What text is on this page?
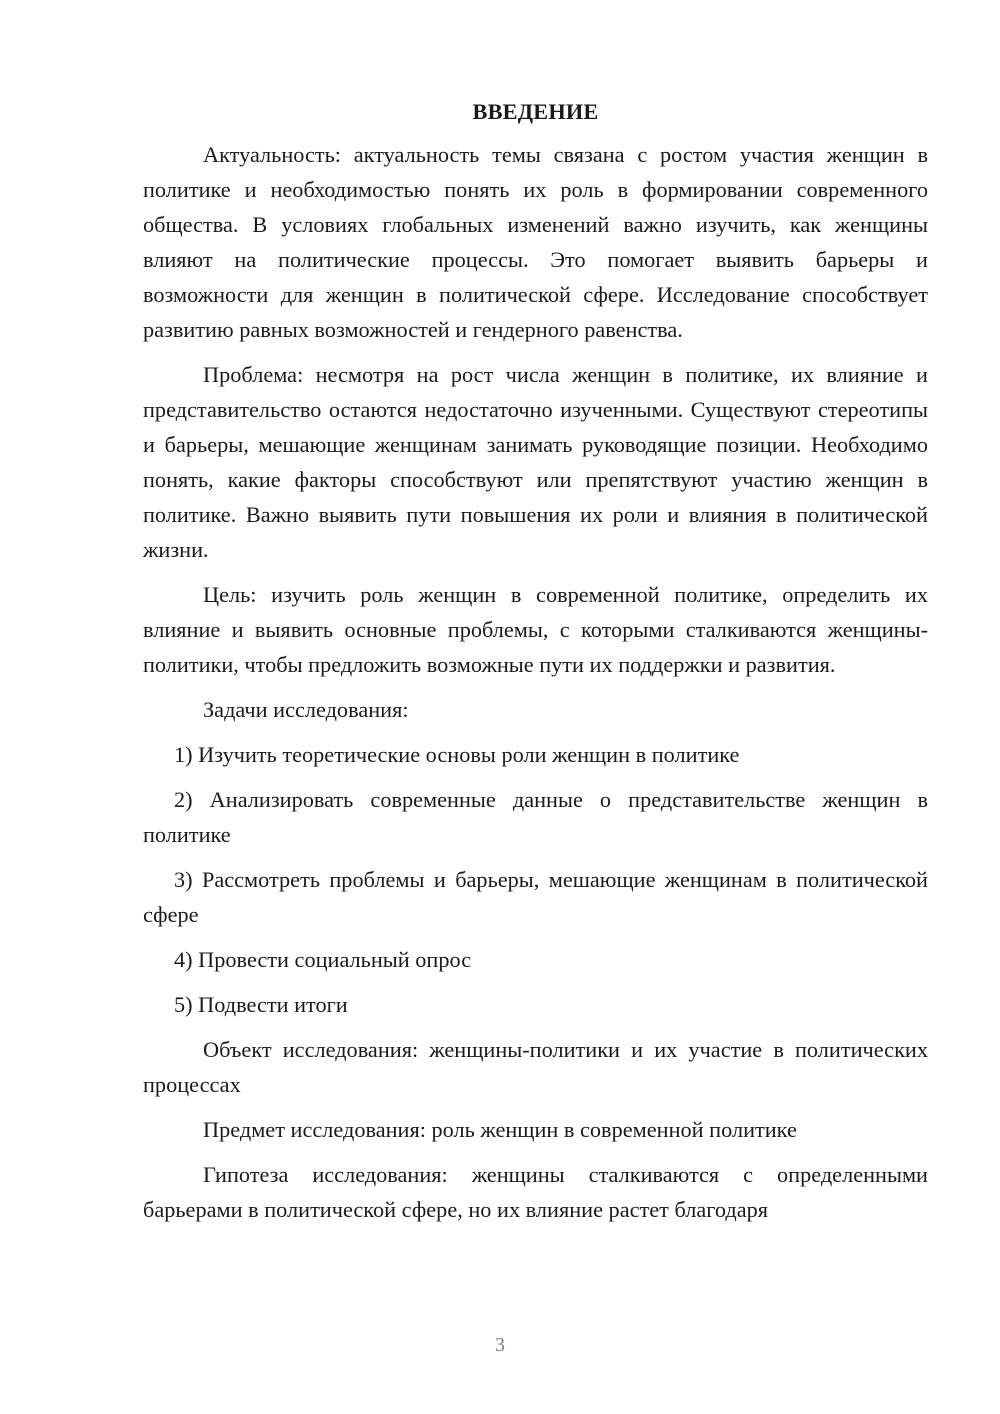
ВВЕДЕНИЕ

Актуальность: актуальность темы связана с ростом участия женщин в политике и необходимостью понять их роль в формировании современного общества. В условиях глобальных изменений важно изучить, как женщины влияют на политические процессы. Это помогает выявить барьеры и возможности для женщин в политической сфере. Исследование способствует развитию равных возможностей и гендерного равенства.

Проблема: несмотря на рост числа женщин в политике, их влияние и представительство остаются недостаточно изученными. Существуют стереотипы и барьеры, мешающие женщинам занимать руководящие позиции. Необходимо понять, какие факторы способствуют или препятствуют участию женщин в политике. Важно выявить пути повышения их роли и влияния в политической жизни.

Цель: изучить роль женщин в современной политике, определить их влияние и выявить основные проблемы, с которыми сталкиваются женщины-политики, чтобы предложить возможные пути их поддержки и развития.

Задачи исследования:

1) Изучить теоретические основы роли женщин в политике

2) Анализировать современные данные о представительстве женщин в политике

3) Рассмотреть проблемы и барьеры, мешающие женщинам в политической сфере

4) Провести социальный опрос

5) Подвести итоги

Объект исследования: женщины-политики и их участие в политических процессах

Предмет исследования: роль женщин в современной политике

Гипотеза исследования: женщины сталкиваются с определенными барьерами в политической сфере, но их влияние растет благодаря

3
